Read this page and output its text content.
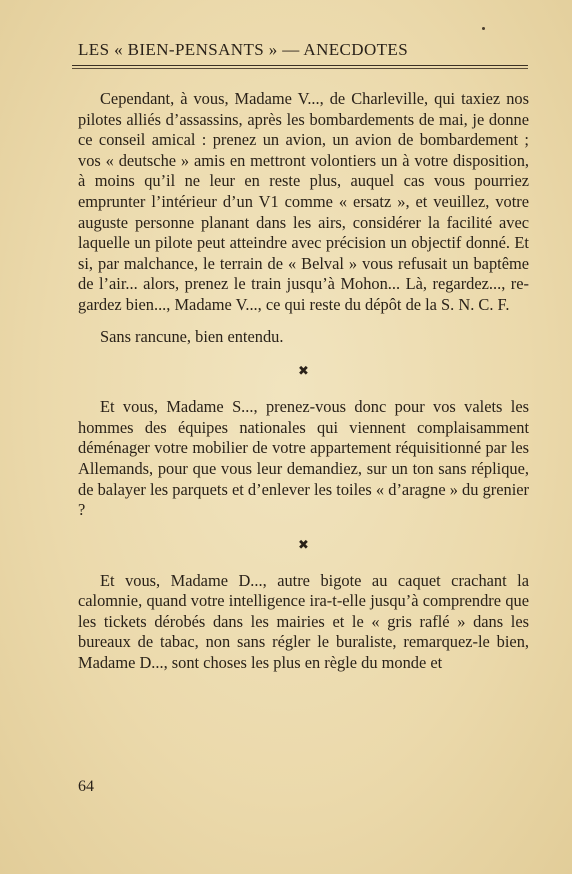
LES « BIEN-PENSANTS » — ANECDOTES

Cependant, à vous, Madame V..., de Charleville, qui taxiez nos pilotes alliés d’assassins, après les bombardements de mai, je donne ce conseil amical : prenez un avion, un avion de bombardement ; vos « deutsche » amis en mettront volontiers un à votre disposition, à moins qu’il ne leur en reste plus, auquel cas vous pourriez emprunter l’intérieur d’un V1 comme « ersatz », et veuillez, votre auguste personne planant dans les airs, considérer la facilité avec laquelle un pilote peut atteindre avec précision un objectif donné. Et si, par malchance, le terrain de « Belval » vous refusait un baptême de l’air... alors, prenez le train jusqu’à Mohon... Là, regardez..., regardez bien..., Madame V..., ce qui reste du dépôt de la S. N. C. F.

Sans rancune, bien entendu.

✖

Et vous, Madame S..., prenez-vous donc pour vos valets les hommes des équipes nationales qui viennent complaisamment déménager votre mobilier de votre appartement réquisitionné par les Allemands, pour que vous leur demandiez, sur un ton sans réplique, de balayer les parquets et d’enlever les toiles « d’aragne » du grenier ?

✖

Et vous, Madame D..., autre bigote au caquet crachant la calomnie, quand votre intelligence ira-t-elle jusqu’à comprendre que les tickets dérobés dans les mairies et le « gris raflé » dans les bureaux de tabac, non sans régler le buraliste, remarquez-le bien, Madame D..., sont choses les plus en règle du monde et

64
